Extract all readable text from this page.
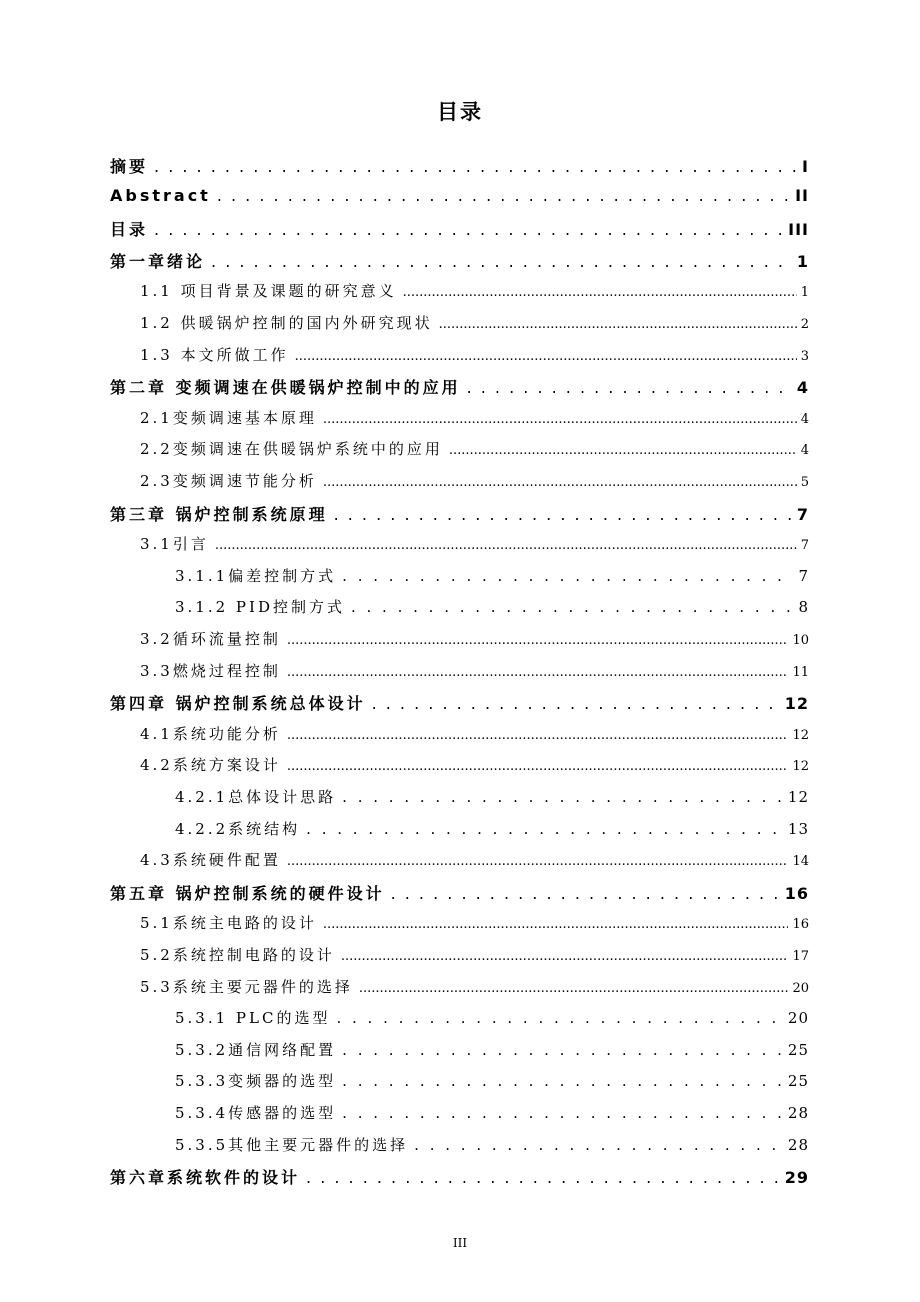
目录
摘要 . . .	I
Abstract . . .	II
目录 . . .	III
第一章绪论 . . .	1
1.1 项目背景及课题的研究意义 .....	1
1.2 供暖锅炉控制的国内外研究现状 .....	2
1.3 本文所做工作 .....	3
第二章 变频调速在供暖锅炉控制中的应用 . . .	4
2.1变频调速基本原理 .....	4
2.2变频调速在供暖锅炉系统中的应用 .....	4
2.3变频调速节能分析 .....	5
第三章 锅炉控制系统原理 . . .	7
3.1引言 .....	7
3.1.1偏差控制方式 . . .	7
3.1.2 PID控制方式 . . .	8
3.2循环流量控制 .....	10
3.3燃烧过程控制 .....	11
第四章 锅炉控制系统总体设计 . . .	12
4.1系统功能分析 .....	12
4.2系统方案设计 .....	12
4.2.1总体设计思路 . . .	12
4.2.2系统结构 . . .	13
4.3系统硬件配置 .....	14
第五章 锅炉控制系统的硬件设计 . . .	16
5.1系统主电路的设计 .....	16
5.2系统控制电路的设计 .....	17
5.3系统主要元器件的选择 .....	20
5.3.1 PLC的选型 . . .	20
5.3.2通信网络配置 . . .	25
5.3.3变频器的选型 . . .	25
5.3.4传感器的选型 . . .	28
5.3.5其他主要元器件的选择 . . .	28
第六章系统软件的设计 . . .	29
III
